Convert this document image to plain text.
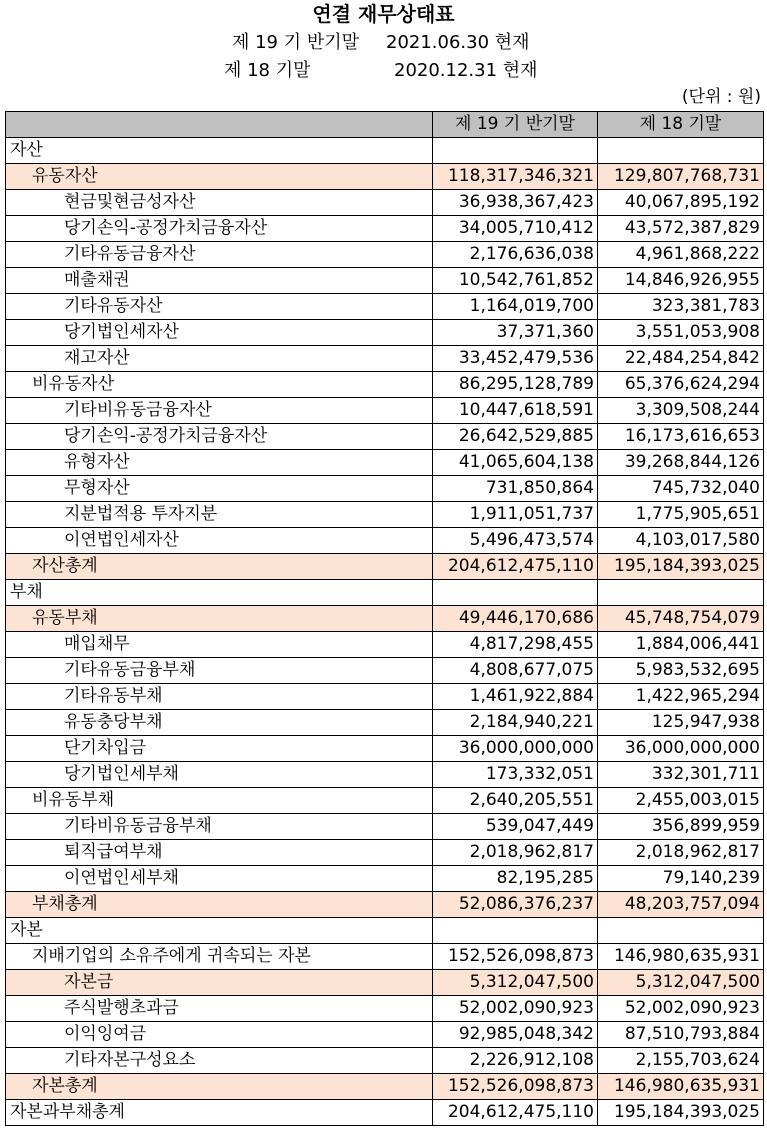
연결 재무상태표
제 19 기 반기말 2021.06.30 현재
제 18 기말	2020.12.31 현재
(단위 : 원)
	제 19 기 반기말	제 18 기말
자산		
유동자산	118,317,346,321	129,807,768,731
현금및현금성자산	36,938,367,423	40,067,895,192
당기손익-공정가치금융자산	34,005,710,412	43,572,387,829
기타유동금융자산	2,176,636,038	4,961,868,222
매출채권	10,542,761,852	14,846,926,955
기타유동자산	1,164,019,700	323,381,783
당기법인세자산	37,371,360	3,551,053,908
재고자산	33,452,479,536	22,484,254,842
비유동자산	86,295,128,789	65,376,624,294
기타비유동금융자산	10,447,618,591	3,309,508,244
당기손익-공정가치금융자산	26,642,529,885	16,173,616,653
유형자산	41,065,604,138	39,268,844,126
무형자산	731,850,864	745,732,040
지분법적용 투자지분	1,911,051,737	1,775,905,651
이연법인세자산	5,496,473,574	4,103,017,580
자산총계	204,612,475,110	195,184,393,025
부채		
유동부채	49,446,170,686	45,748,754,079
매입채무	4,817,298,455	1,884,006,441
기타유동금융부채	4,808,677,075	5,983,532,695
기타유동부채	1,461,922,884	1,422,965,294
유동충당부채	2,184,940,221	125,947,938
단기차입금	36,000,000,000	36,000,000,000
당기법인세부채	173,332,051	332,301,711
비유동부채	2,640,205,551	2,455,003,015
기타비유동금융부채	539,047,449	356,899,959
퇴직급여부채	2,018,962,817	2,018,962,817
이연법인세부채	82,195,285	79,140,239
부채총계	52,086,376,237	48,203,757,094
자본		
지배기업의 소유주에게 귀속되는 자본	152,526,098,873	146,980,635,931
자본금	5,312,047,500	5,312,047,500
주식발행초과금	52,002,090,923	52,002,090,923
이익잉여금	92,985,048,342	87,510,793,884
기타자본구성요소	2,226,912,108	2,155,703,624
자본총계	152,526,098,873	146,980,635,931
자본과부채총계	204,612,475,110	195,184,393,025
